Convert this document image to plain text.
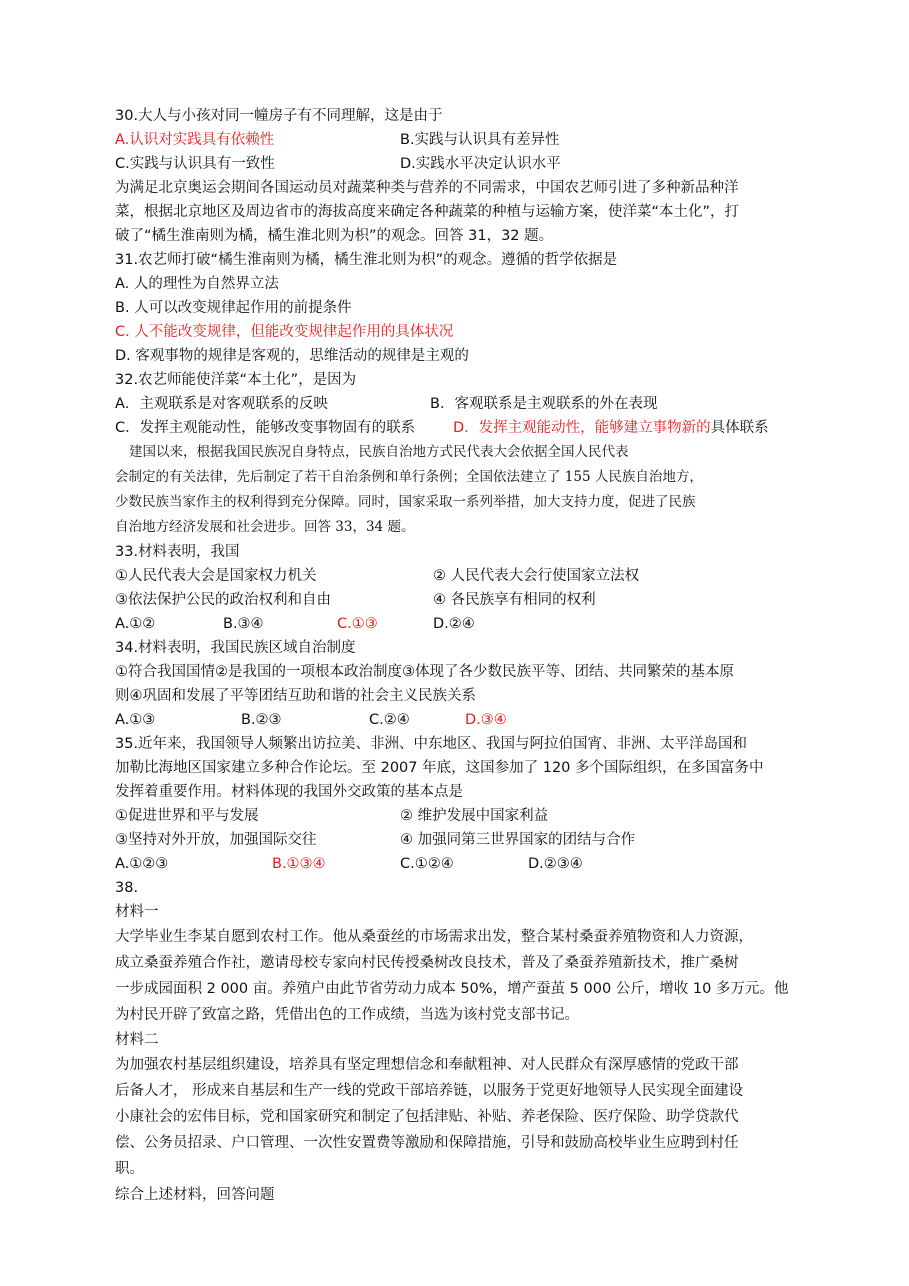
30.大人与小孩对同一幢房子有不同理解，这是由于
A.认识对实践具有依赖性	B.实践与认识具有差异性
C.实践与认识具有一致性	D.实践水平决定认识水平
为满足北京奥运会期间各国运动员对蔬菜种类与营养的不同需求，中国农艺师引进了多种新品种洋
菜，根据北京地区及周边省市的海拔高度来确定各种蔬菜的种植与运输方案，使洋菜“本土化”，打
破了“橘生淮南则为橘，橘生淮北则为枳”的观念。回答 31，32 题。
31.农艺师打破“橘生淮南则为橘，橘生淮北则为枳”的观念。遵循的哲学依据是
A. 人的理性为自然界立法
B. 人可以改变规律起作用的前提条件
C. 人不能改变规律，但能改变规律起作用的具体状况
D. 客观事物的规律是客观的，思维活动的规律是主观的
32.农艺师能使洋菜“本土化”，是因为
A．主观联系是对客观联系的反映	B．客观联系是主观联系的外在表现
C．发挥主观能动性，能够改变事物固有的联系	D．发挥主观能动性，能够建立事物新的具体联系
建国以来，根据我国民族况自身特点，民族自治地方式民代表大会依据全国人民代表
会制定的有关法律，先后制定了若干自治条例和单行条例；全国依法建立了 155 人民族自治地方，
少数民族当家作主的权利得到充分保障。同时，国家采取一系列举措，加大支持力度，促进了民族
自治地方经济发展和社会进步。回答 33，34 题。
33.材料表明，我国
①人民代表大会是国家权力机关	② 人民代表大会行使国家立法权
③依法保护公民的政治权利和自由	④ 各民族享有相同的权利
A.①②	B.③④	C.①③	D.②④
34.材料表明，我国民族区域自治制度
①符合我国国情②是我国的一项根本政治制度③体现了各少数民族平等、团结、共同繁荣的基本原
则④巩固和发展了平等团结互助和谐的社会主义民族关系
A.①③	B.②③	C.②④	D.③④
35.近年来，我国领导人频繁出访拉美、非洲、中东地区、我国与阿拉伯国宵、非洲、太平洋岛国和
加勒比海地区国家建立多种合作论坛。至 2007 年底，这国参加了 120 多个国际组织，在多国富务中
发挥着重要作用。材料体现的我国外交政策的基本点是
①促进世界和平与发展	② 维护发展中国家利益
③坚持对外开放，加强国际交往	④ 加强同第三世界国家的团结与合作
A.①②③	B.①③④	C.①②④	D.②③④
38.
材料一
大学毕业生李某自愿到农村工作。他从桑蚕丝的市场需求出发，整合某村桑蚕养殖物资和人力资源，
成立桑蚕养殖合作社，邀请母校专家向村民传授桑树改良技术，普及了桑蚕养殖新技术，推广桑树
一步成园面积 2 000 亩。养殖户由此节省劳动力成本 50%，增产蚕茧 5 000 公斤，增收 10 多万元。他
为村民开辟了致富之路，凭借出色的工作成绩，当选为该村党支部书记。
材料二
为加强农村基层组织建设，培养具有坚定理想信念和奉献粗神、对人民群众有深厚感情的党政干部
后备人才， 形成来自基层和生产一线的党政干部培养链，以服务于党更好地领导人民实现全面建设
小康社会的宏伟目标，党和国家研究和制定了包括津贴、补贴、养老保险、医疗保险、助学贷款代
偿、公务员招录、户口管理、一次性安置费等激励和保障措施，引导和鼓励高校毕业生应聘到村任
职。
综合上述材料，回答问题
